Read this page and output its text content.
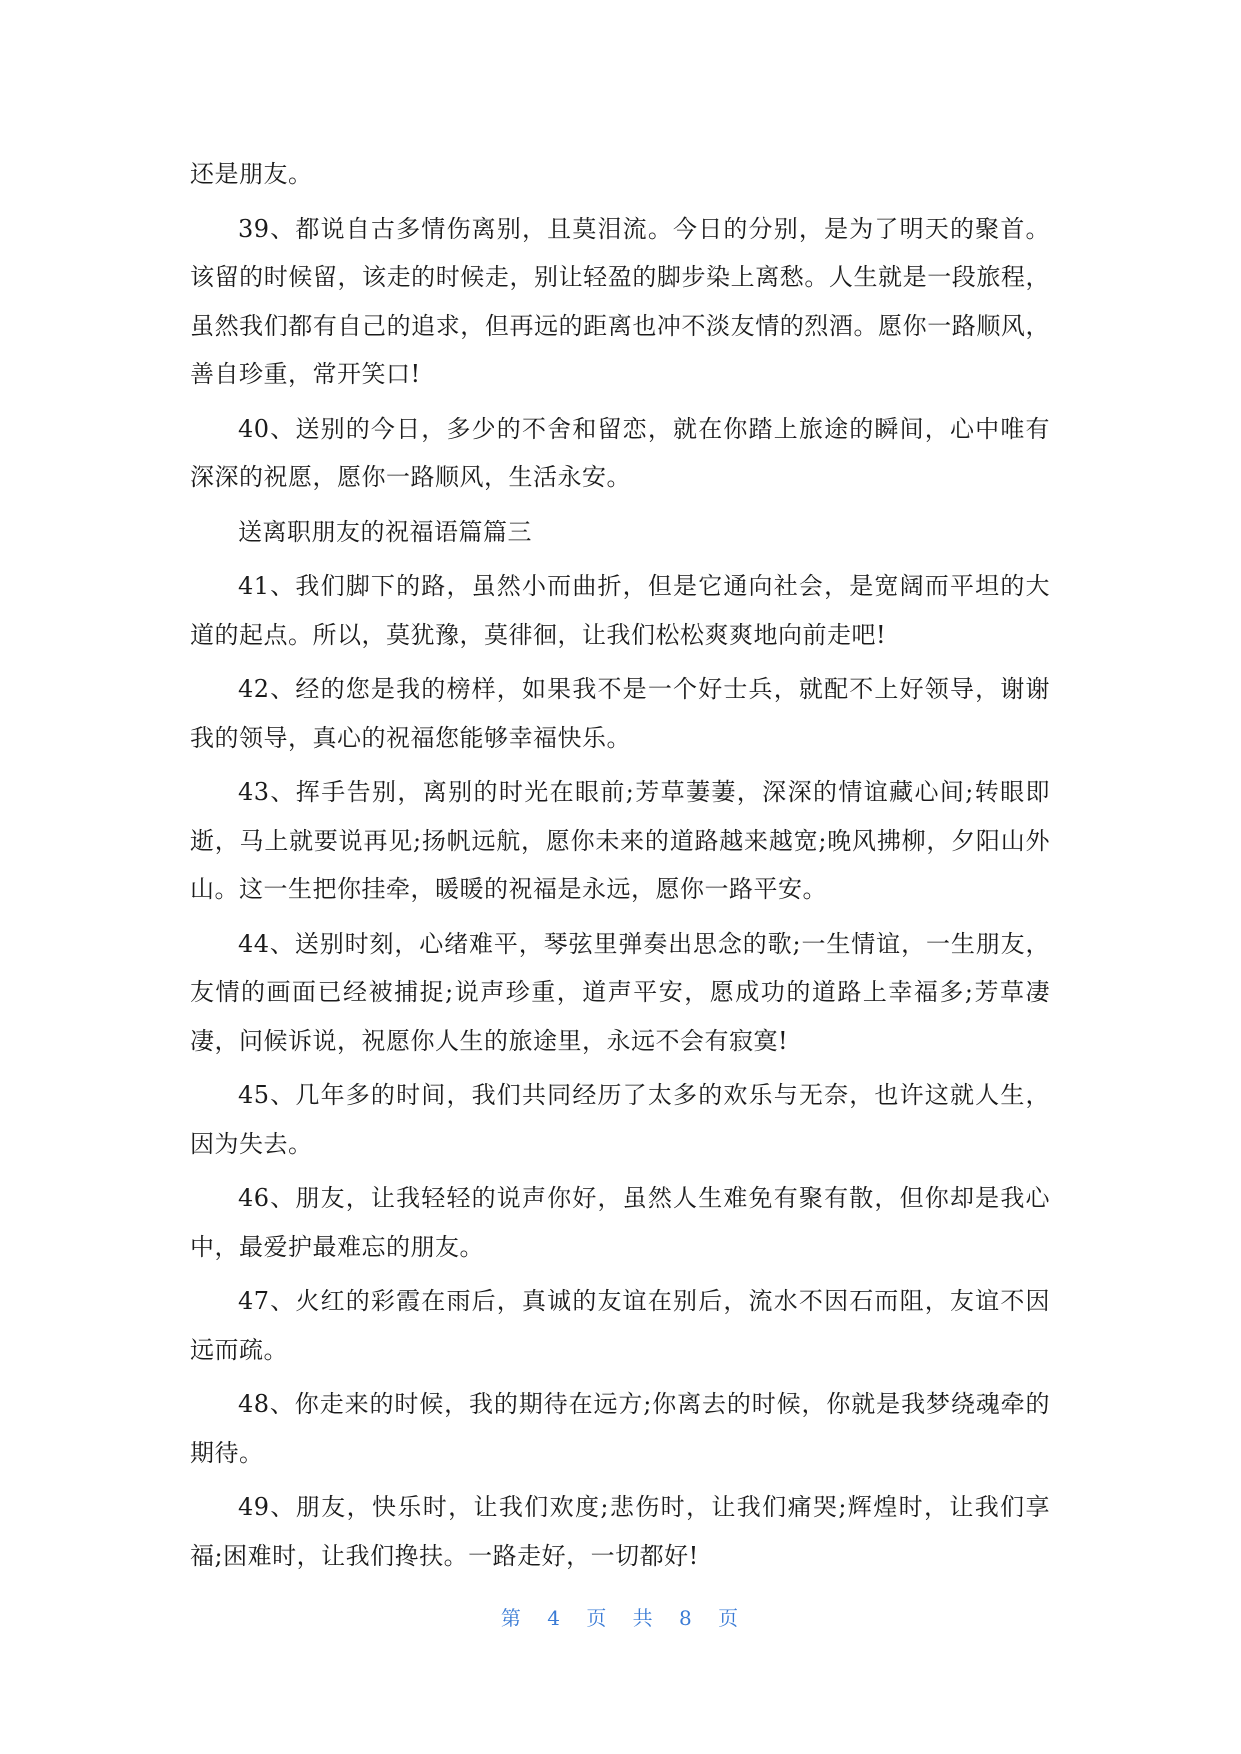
还是朋友。

39、都说自古多情伤离别，且莫泪流。今日的分别，是为了明天的聚首。该留的时候留，该走的时候走，别让轻盈的脚步染上离愁。人生就是一段旅程，虽然我们都有自己的追求，但再远的距离也冲不淡友情的烈酒。愿你一路顺风，善自珍重，常开笑口!

40、送别的今日，多少的不舍和留恋，就在你踏上旅途的瞬间，心中唯有深深的祝愿，愿你一路顺风，生活永安。

送离职朋友的祝福语篇篇三

41、我们脚下的路，虽然小而曲折，但是它通向社会，是宽阔而平坦的大道的起点。所以，莫犹豫，莫徘徊，让我们松松爽爽地向前走吧!

42、经的您是我的榜样，如果我不是一个好士兵，就配不上好领导，谢谢我的领导，真心的祝福您能够幸福快乐。

43、挥手告别，离别的时光在眼前;芳草萋萋，深深的情谊藏心间;转眼即逝，马上就要说再见;扬帆远航，愿你未来的道路越来越宽;晚风拂柳，夕阳山外山。这一生把你挂牵，暖暖的祝福是永远，愿你一路平安。

44、送别时刻，心绪难平，琴弦里弹奏出思念的歌;一生情谊，一生朋友，友情的画面已经被捕捉;说声珍重，道声平安，愿成功的道路上幸福多;芳草凄凄，问候诉说，祝愿你人生的旅途里，永远不会有寂寞!

45、几年多的时间，我们共同经历了太多的欢乐与无奈，也许这就人生，因为失去。

46、朋友，让我轻轻的说声你好，虽然人生难免有聚有散，但你却是我心中，最爱护最难忘的朋友。

47、火红的彩霞在雨后，真诚的友谊在别后，流水不因石而阻，友谊不因远而疏。

48、你走来的时候，我的期待在远方;你离去的时候，你就是我梦绕魂牵的期待。

49、朋友，快乐时，让我们欢度;悲伤时，让我们痛哭;辉煌时，让我们享福;困难时，让我们搀扶。一路走好，一切都好!

第 4 页 共 8 页
